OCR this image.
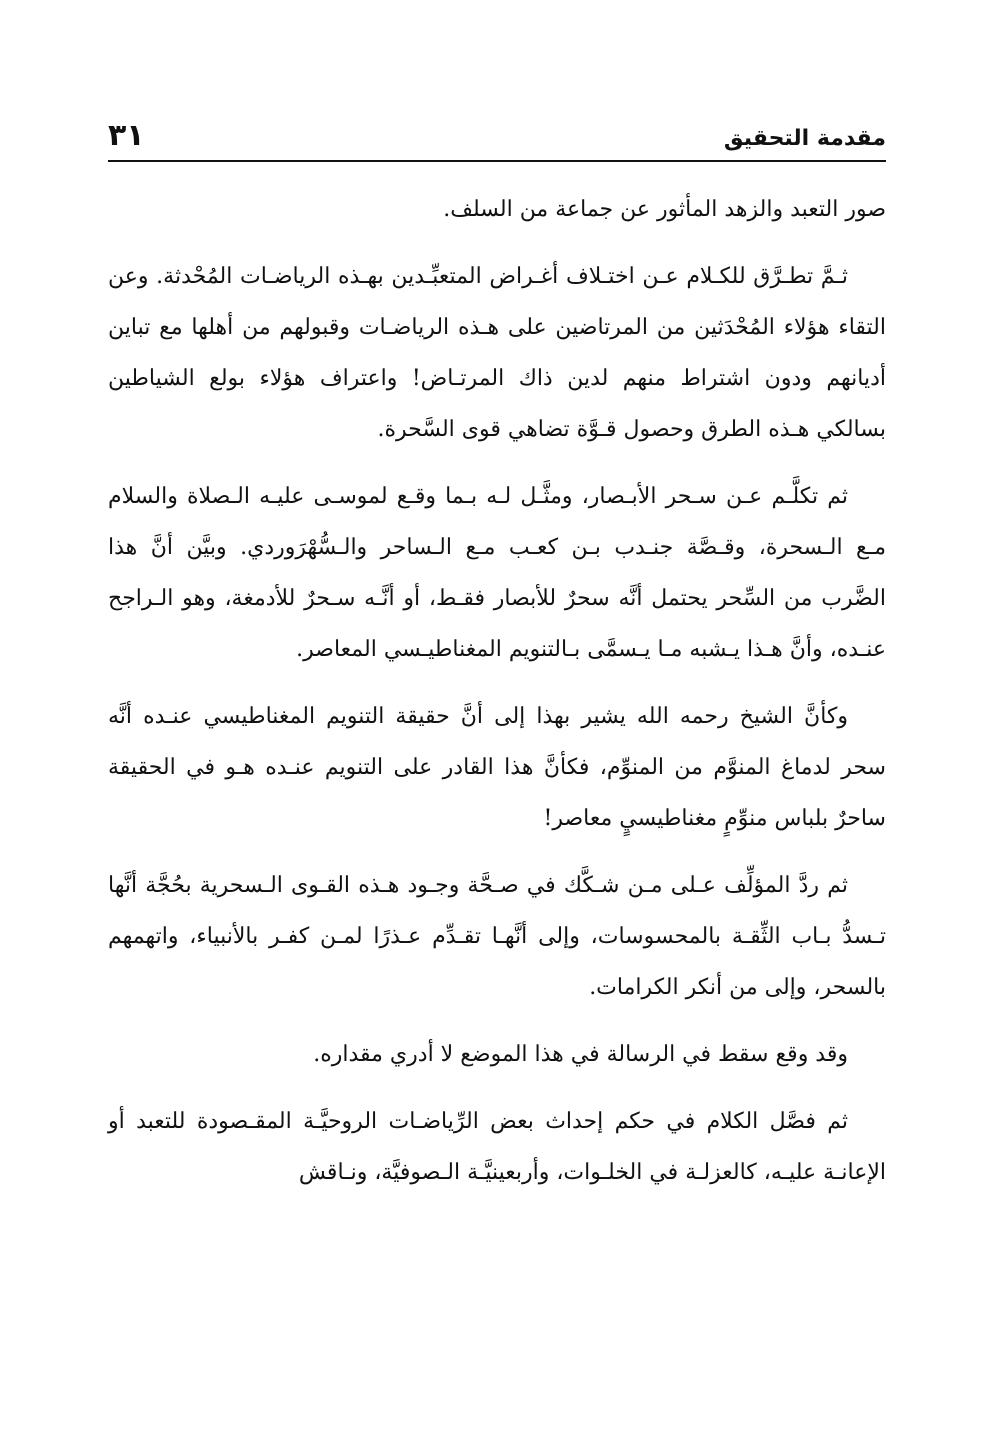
مقدمة التحقيق
٣١

صور التعبد والزهد المأثور عن جماعة من السلف.

ثـمَّ تطـرَّق للكـلام عـن اختـلاف أغـراض المتعبِّـدين بهـذه الرياضـات المُحْدثة. وعن التقاء هؤلاء المُحْدَثين من المرتاضين على هـذه الرياضـات وقبولهم من أهلها مع تباين أديانهم ودون اشتراط منهم لدين ذاك المرتـاض! واعتراف هؤلاء بولع الشياطين بسالكي هـذه الطرق وحصول قـوَّة تضاهي قوى السَّحرة.

ثم تكلَّـم عـن سـحر الأبـصار، ومثَّـل لـه بـما وقـع لموسـى عليـه الـصلاة والسلام مـع الـسحرة، وقـصَّة جنـدب بـن كعـب مـع الـساحر والـسُّهْرَوردي. وبيَّن أنَّ هذا الضَّرب من السِّحر يحتمل أنَّه سحرٌ للأبصار فقـط، أو أنَّـه سـحرٌ للأدمغة، وهو الـراجح عنـده، وأنَّ هـذا يـشبه مـا يـسمَّى بـالتنويم المغناطيـسي المعاصر.

وكأنَّ الشيخ رحمه الله يشير بهذا إلى أنَّ حقيقة التنويم المغناطيسي عنـده أنَّه سحر لدماغ المنوَّم من المنوِّم، فكأنَّ هذا القادر على التنويم عنـده هـو في الحقيقة ساحرٌ بلباس منوِّمٍ مغناطيسيٍ معاصر!

ثم ردَّ المؤلِّف عـلى مـن شـكَّك في صـحَّة وجـود هـذه القـوى الـسحرية بحُجَّة أنَّها تـسدُّ بـاب الثِّقـة بالمحسوسات، وإلى أنَّهـا تقـدِّم عـذرًا لمـن كفـر بالأنبياء، واتهمهم بالسحر، وإلى من أنكر الكرامات.

وقد وقع سقط في الرسالة في هذا الموضع لا أدري مقداره.

ثم فصَّل الكلام في حكم إحداث بعض الرِّياضـات الروحيَّـة المقـصودة للتعبد أو الإعانـة عليـه، كالعزلـة في الخلـوات، وأربعينيَّـة الـصوفيَّة، ونـاقش
